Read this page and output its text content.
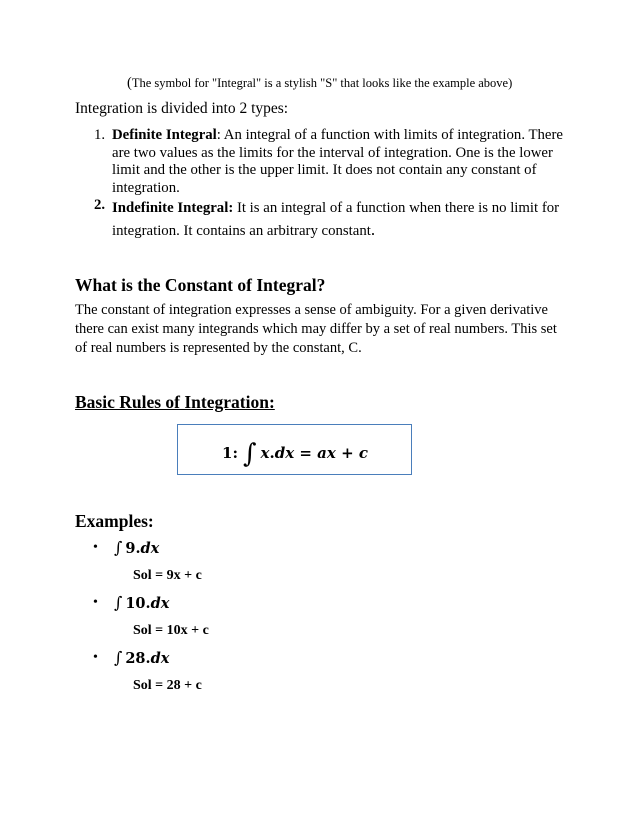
(The symbol for "Integral" is a stylish "S" that looks like the example above)
Integration is divided into 2 types:
1. Definite Integral: An integral of a function with limits of integration. There are two values as the limits for the interval of integration. One is the lower limit and the other is the upper limit. It does not contain any constant of integration.
2. Indefinite Integral: It is an integral of a function when there is no limit for integration. It contains an arbitrary constant.
What is the Constant of Integral?
The constant of integration expresses a sense of ambiguity. For a given derivative there can exist many integrands which may differ by a set of real numbers. This set of real numbers is represented by the constant, C.
Basic Rules of Integration:
1: ∫ x.dx = ax + c
Examples:
• ∫ 9.dx
Sol = 9x + c
• ∫ 10.dx
Sol = 10x + c
• ∫ 28.dx
Sol = 28 + c
